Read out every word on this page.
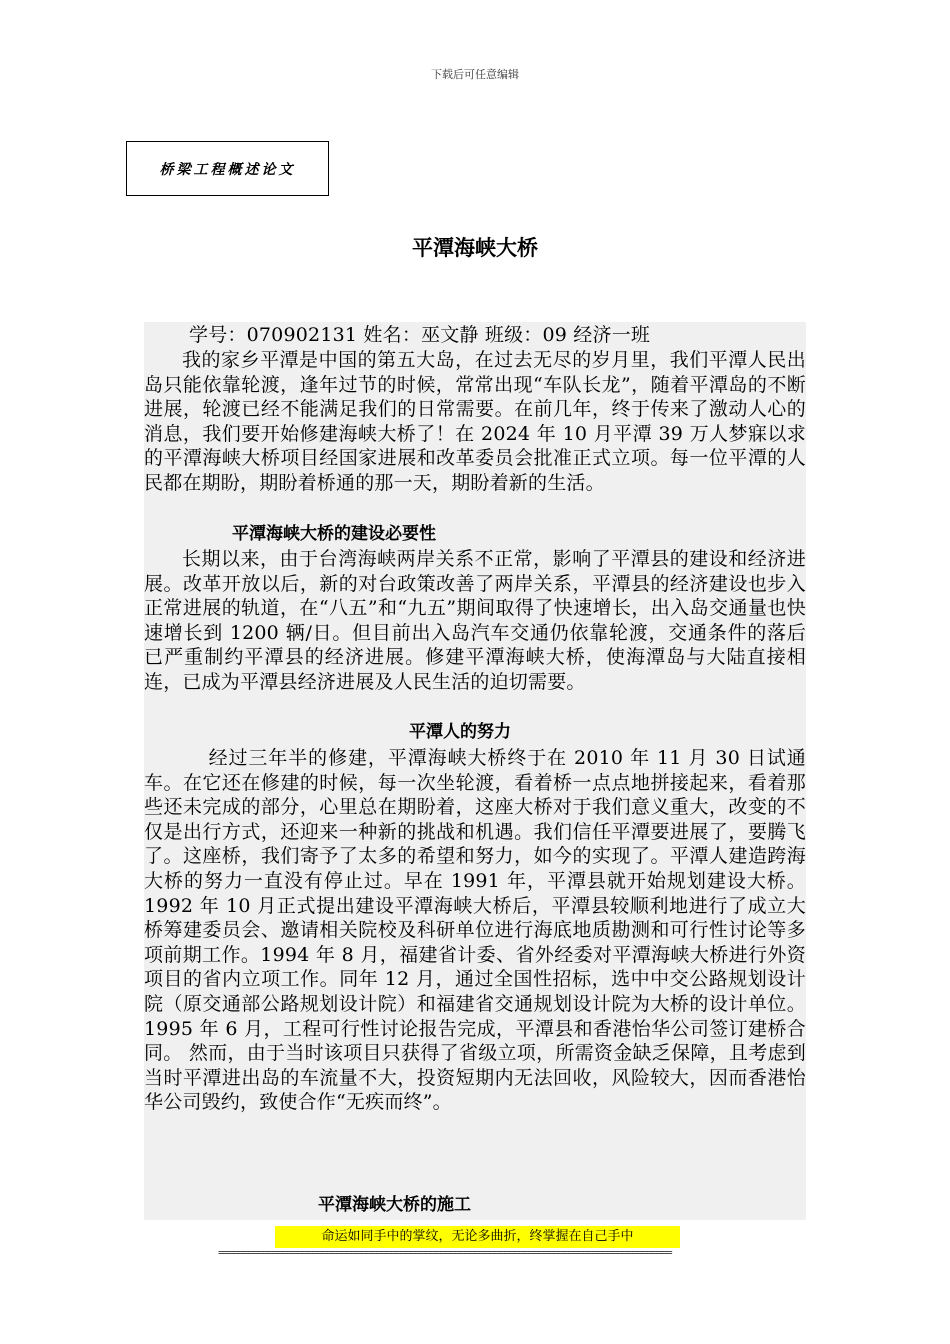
下载后可任意编辑
桥梁工程概述论文
平潭海峡大桥
学号：070902131 姓名：巫文静 班级：09 经济一班
我的家乡平潭是中国的第五大岛，在过去无尽的岁月里，我们平潭人民出岛只能依靠轮渡，逢年过节的时候，常常出现“车队长龙”，随着平潭岛的不断进展，轮渡已经不能满足我们的日常需要。在前几年，终于传来了激动人心的消息，我们要开始修建海峡大桥了！在 2024 年 10 月平潭 39 万人梦寐以求的平潭海峡大桥项目经国家进展和改革委员会批准正式立项。每一位平潭的人民都在期盼，期盼着桥通的那一天，期盼着新的生活。
平潭海峡大桥的建设必要性
长期以来，由于台湾海峡两岸关系不正常，影响了平潭县的建设和经济进展。改革开放以后，新的对台政策改善了两岸关系，平潭县的经济建设也步入正常进展的轨道，在“八五”和“九五”期间取得了快速增长，出入岛交通量也快速增长到 1200 辆/日。但目前出入岛汽车交通仍依靠轮渡，交通条件的落后已严重制约平潭县的经济进展。修建平潭海峡大桥，使海潭岛与大陆直接相连，已成为平潭县经济进展及人民生活的迫切需要。
平潭人的努力
经过三年半的修建，平潭海峡大桥终于在 2010 年 11 月 30 日试通车。在它还在修建的时候，每一次坐轮渡，看着桥一点点地拼接起来，看着那些还未完成的部分，心里总在期盼着，这座大桥对于我们意义重大，改变的不仅是出行方式，还迎来一种新的挑战和机遇。我们信任平潭要进展了，要腾飞了。这座桥，我们寄予了太多的希望和努力，如今的实现了。平潭人建造跨海大桥的努力一直没有停止过。早在 1991 年，平潭县就开始规划建设大桥。1992 年 10 月正式提出建设平潭海峡大桥后，平潭县较顺利地进行了成立大桥筹建委员会、邀请相关院校及科研单位进行海底地质勘测和可行性讨论等多项前期工作。1994 年 8 月，福建省计委、省外经委对平潭海峡大桥进行外资项目的省内立项工作。同年 12 月，通过全国性招标，选中中交公路规划设计院（原交通部公路规划设计院）和福建省交通规划设计院为大桥的设计单位。1995 年 6 月，工程可行性讨论报告完成，平潭县和香港怡华公司签订建桥合同。 然而，由于当时该项目只获得了省级立项，所需资金缺乏保障，且考虑到当时平潭进出岛的车流量不大，投资短期内无法回收，风险较大，因而香港怡华公司毁约，致使合作“无疾而终”。
平潭海峡大桥的施工
命运如同手中的掌纹，无论多曲折，终掌握在自己手中
============================================================================================
